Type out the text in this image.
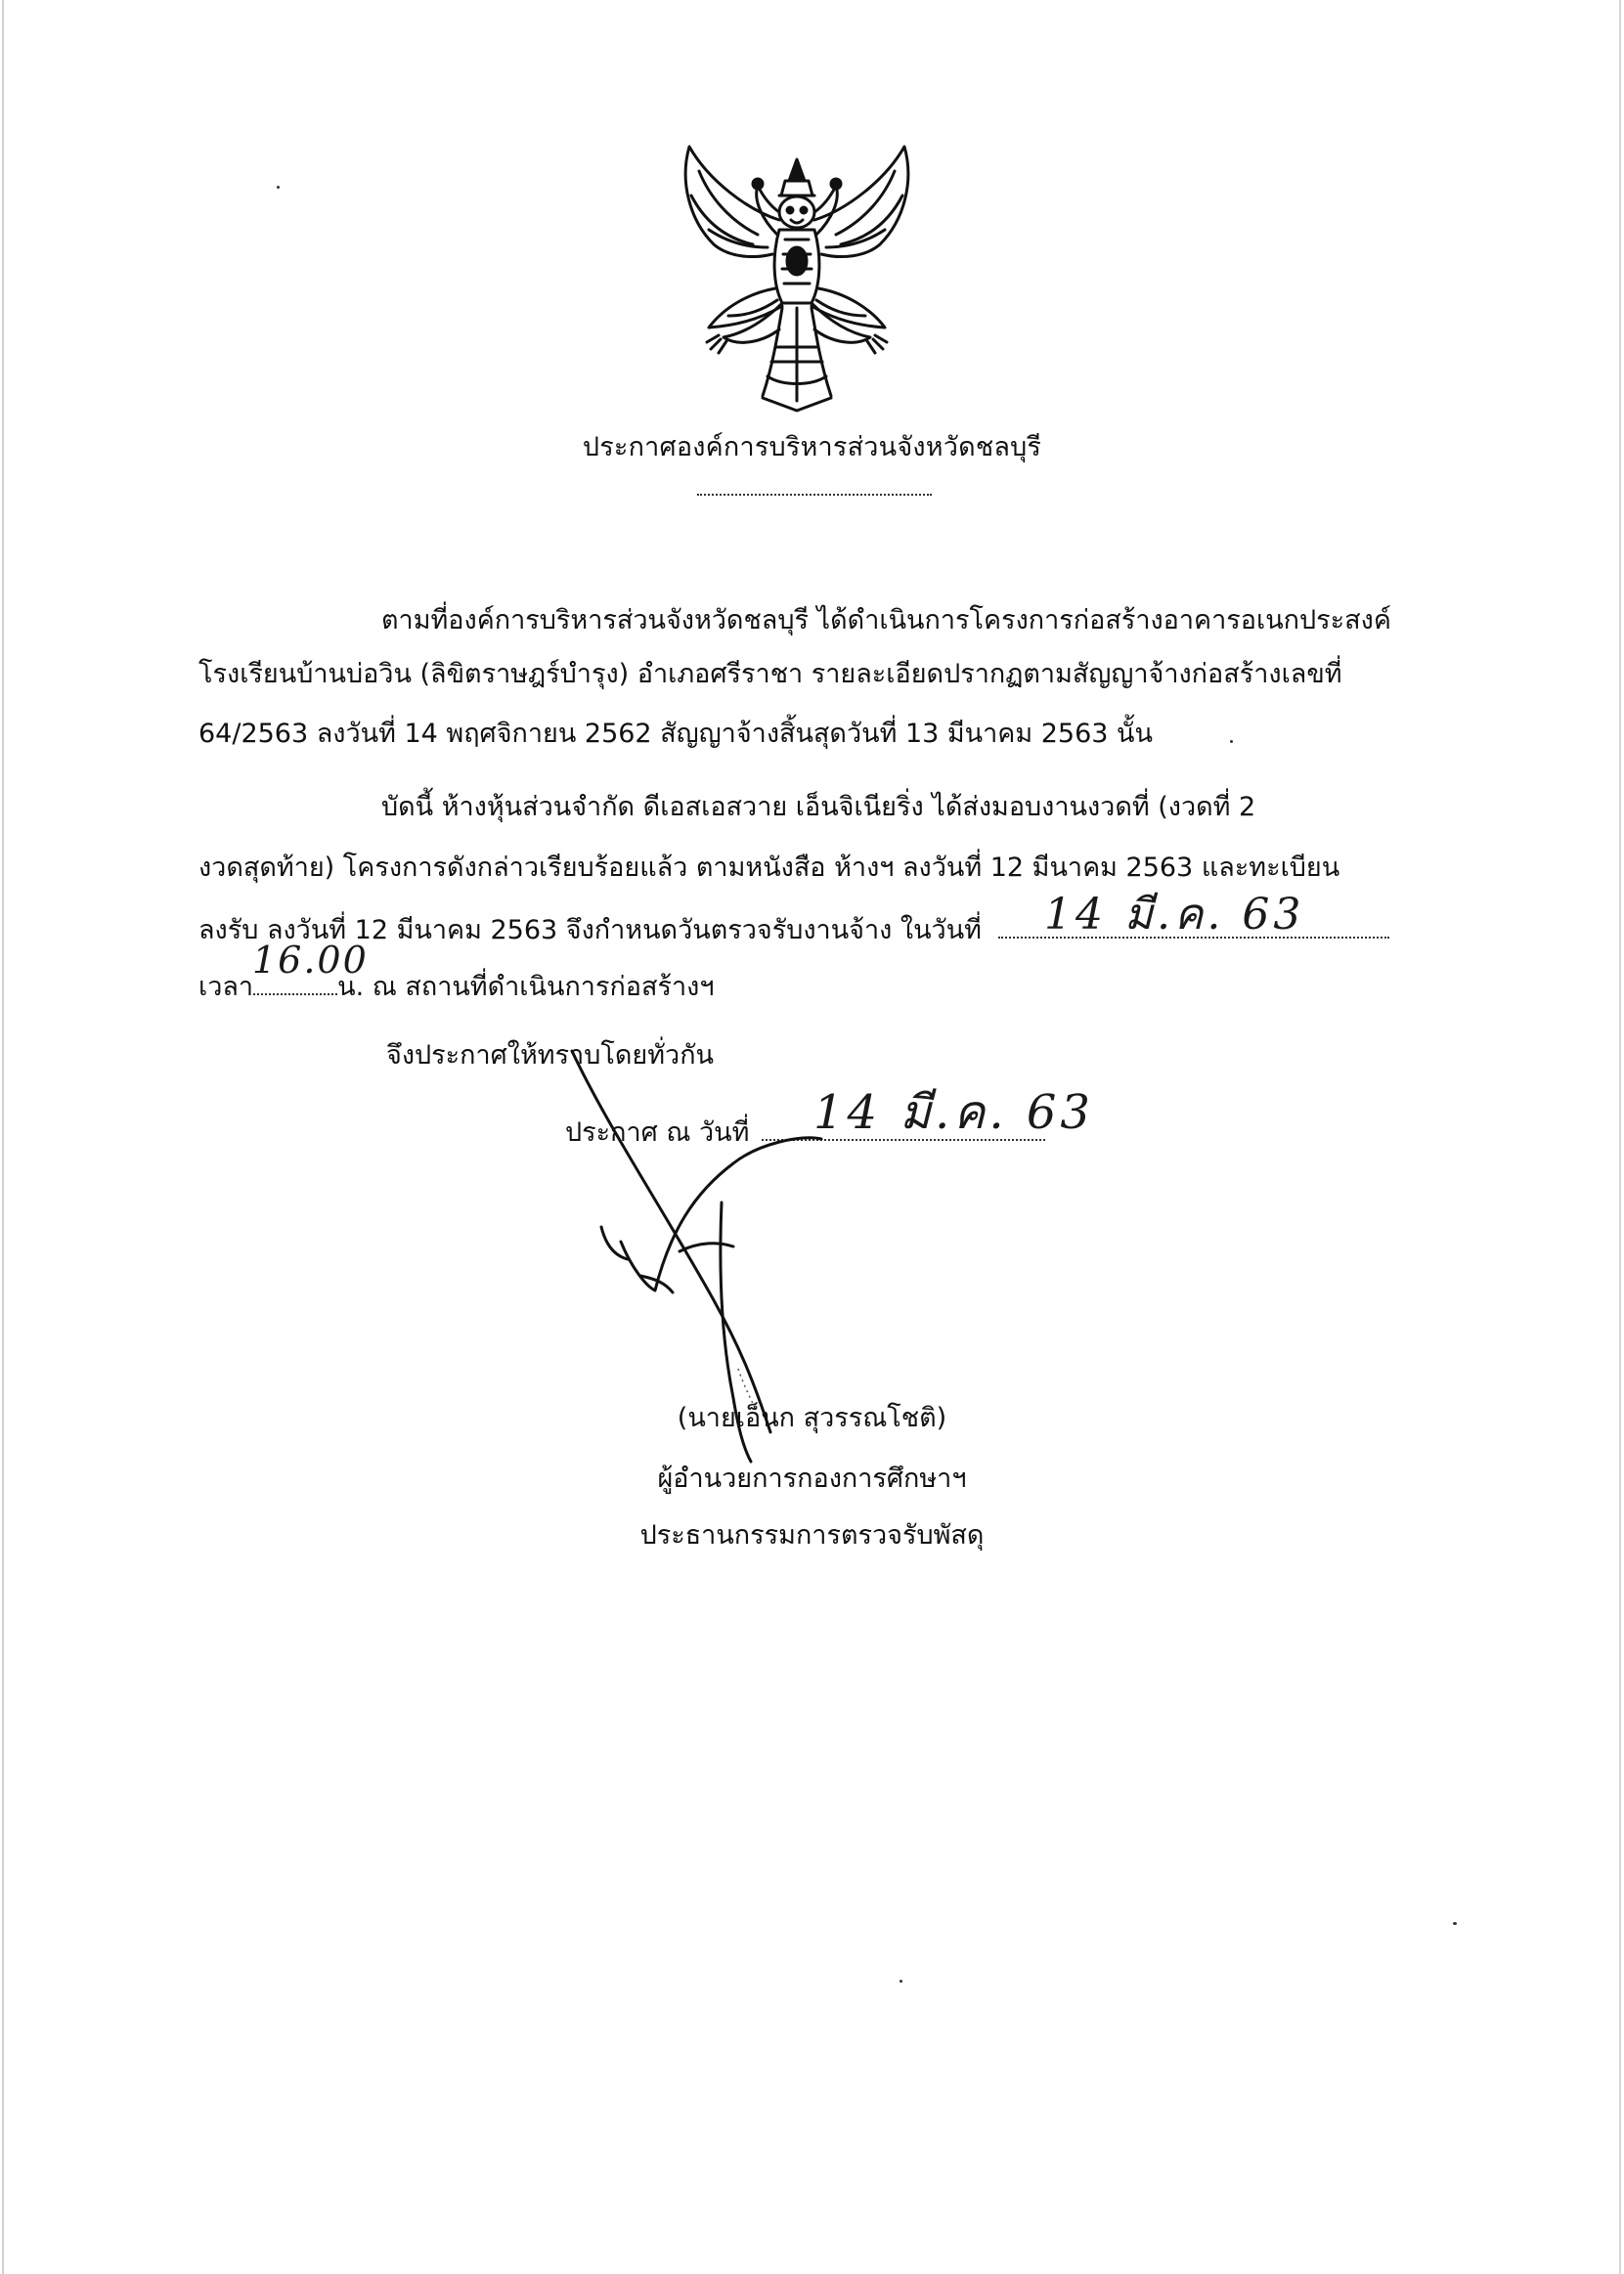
ประกาศองค์การบริหารส่วนจังหวัดชลบุรี
ตามที่องค์การบริหารส่วนจังหวัดชลบุรี ได้ดำเนินการโครงการก่อสร้างอาคารอเนกประสงค์
โรงเรียนบ้านบ่อวิน (ลิขิตราษฎร์บำรุง) อำเภอศรีราชา รายละเอียดปรากฏตามสัญญาจ้างก่อสร้างเลขที่
64/2563 ลงวันที่ 14 พฤศจิกายน 2562 สัญญาจ้างสิ้นสุดวันที่ 13 มีนาคม 2563 นั้น
บัดนี้ ห้างหุ้นส่วนจำกัด ดีเอสเอสวาย เอ็นจิเนียริ่ง ได้ส่งมอบงานงวดที่ (งวดที่ 2
งวดสุดท้าย) โครงการดังกล่าวเรียบร้อยแล้ว ตามหนังสือ ห้างฯ ลงวันที่ 12 มีนาคม 2563 และทะเบียน
ลงรับ ลงวันที่ 12 มีนาคม 2563 จึงกำหนดวันตรวจรับงานจ้าง ในวันที่	14 มี.ค. 63
เวลา	น. ณ สถานที่ดำเนินการก่อสร้างฯ
16.00
จึงประกาศให้ทราบโดยทั่วกัน
ประกาศ ณ วันที่	14 มี.ค. 63
(นายเอ็นก สุวรรณโชติ)
ผู้อำนวยการกองการศึกษาฯ
ประธานกรรมการตรวจรับพัสดุ
